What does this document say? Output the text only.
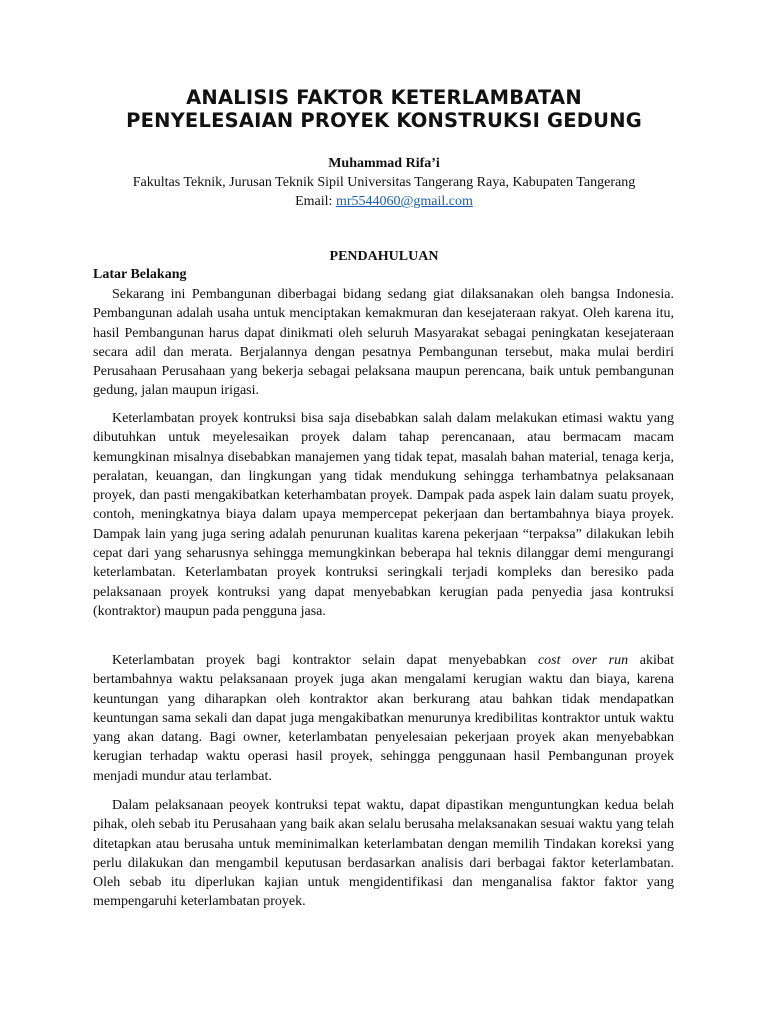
ANALISIS FAKTOR KETERLAMBATAN
PENYELESAIAN PROYEK KONSTRUKSI GEDUNG
Muhammad Rifa’i
Fakultas Teknik, Jurusan Teknik Sipil Universitas Tangerang Raya, Kabupaten Tangerang
Email: mr5544060@gmail.com
PENDAHULUAN
Latar Belakang

Sekarang ini Pembangunan diberbagai bidang sedang giat dilaksanakan oleh bangsa Indonesia. Pembangunan adalah usaha untuk menciptakan kemakmuran dan kesejateraan rakyat. Oleh karena itu, hasil Pembangunan harus dapat dinikmati oleh seluruh Masyarakat sebagai peningkatan kesejateraan secara adil dan merata. Berjalannya dengan pesatnya Pembangunan tersebut, maka mulai berdiri Perusahaan Perusahaan yang bekerja sebagai pelaksana maupun perencana, baik untuk pembangunan gedung, jalan maupun irigasi.

Keterlambatan proyek kontruksi bisa saja disebabkan salah dalam melakukan etimasi waktu yang dibutuhkan untuk meyelesaikan proyek dalam tahap perencanaan, atau bermacam macam kemungkinan misalnya disebabkan manajemen yang tidak tepat, masalah bahan material, tenaga kerja, peralatan, keuangan, dan lingkungan yang tidak mendukung sehingga terhambatnya pelaksanaan proyek, dan pasti mengakibatkan keterhambatan proyek. Dampak pada aspek lain dalam suatu proyek, contoh, meningkatnya biaya dalam upaya mempercepat pekerjaan dan bertambahnya biaya proyek. Dampak lain yang juga sering adalah penurunan kualitas karena pekerjaan “terpaksa” dilakukan lebih cepat dari yang seharusnya sehingga memungkinkan beberapa hal teknis dilanggar demi mengurangi keterlambatan. Keterlambatan proyek kontruksi seringkali terjadi kompleks dan beresiko pada pelaksanaan proyek kontruksi yang dapat menyebabkan kerugian pada penyedia jasa kontruksi (kontraktor) maupun pada pengguna jasa.

Keterlambatan proyek bagi kontraktor selain dapat menyebabkan cost over run akibat bertambahnya waktu pelaksanaan proyek juga akan mengalami kerugian waktu dan biaya, karena keuntungan yang diharapkan oleh kontraktor akan berkurang atau bahkan tidak mendapatkan keuntungan sama sekali dan dapat juga mengakibatkan menurunya kredibilitas kontraktor untuk waktu yang akan datang. Bagi owner, keterlambatan penyelesaian pekerjaan proyek akan menyebabkan kerugian terhadap waktu operasi hasil proyek, sehingga penggunaan hasil Pembangunan proyek menjadi mundur atau terlambat.

Dalam pelaksanaan peoyek kontruksi tepat waktu, dapat dipastikan menguntungkan kedua belah pihak, oleh sebab itu Perusahaan yang baik akan selalu berusaha melaksanakan sesuai waktu yang telah ditetapkan atau berusaha untuk meminimalkan keterlambatan dengan memilih Tindakan koreksi yang perlu dilakukan dan mengambil keputusan berdasarkan analisis dari berbagai faktor keterlambatan. Oleh sebab itu diperlukan kajian untuk mengidentifikasi dan menganalisa faktor faktor yang mempengaruhi keterlambatan proyek.
